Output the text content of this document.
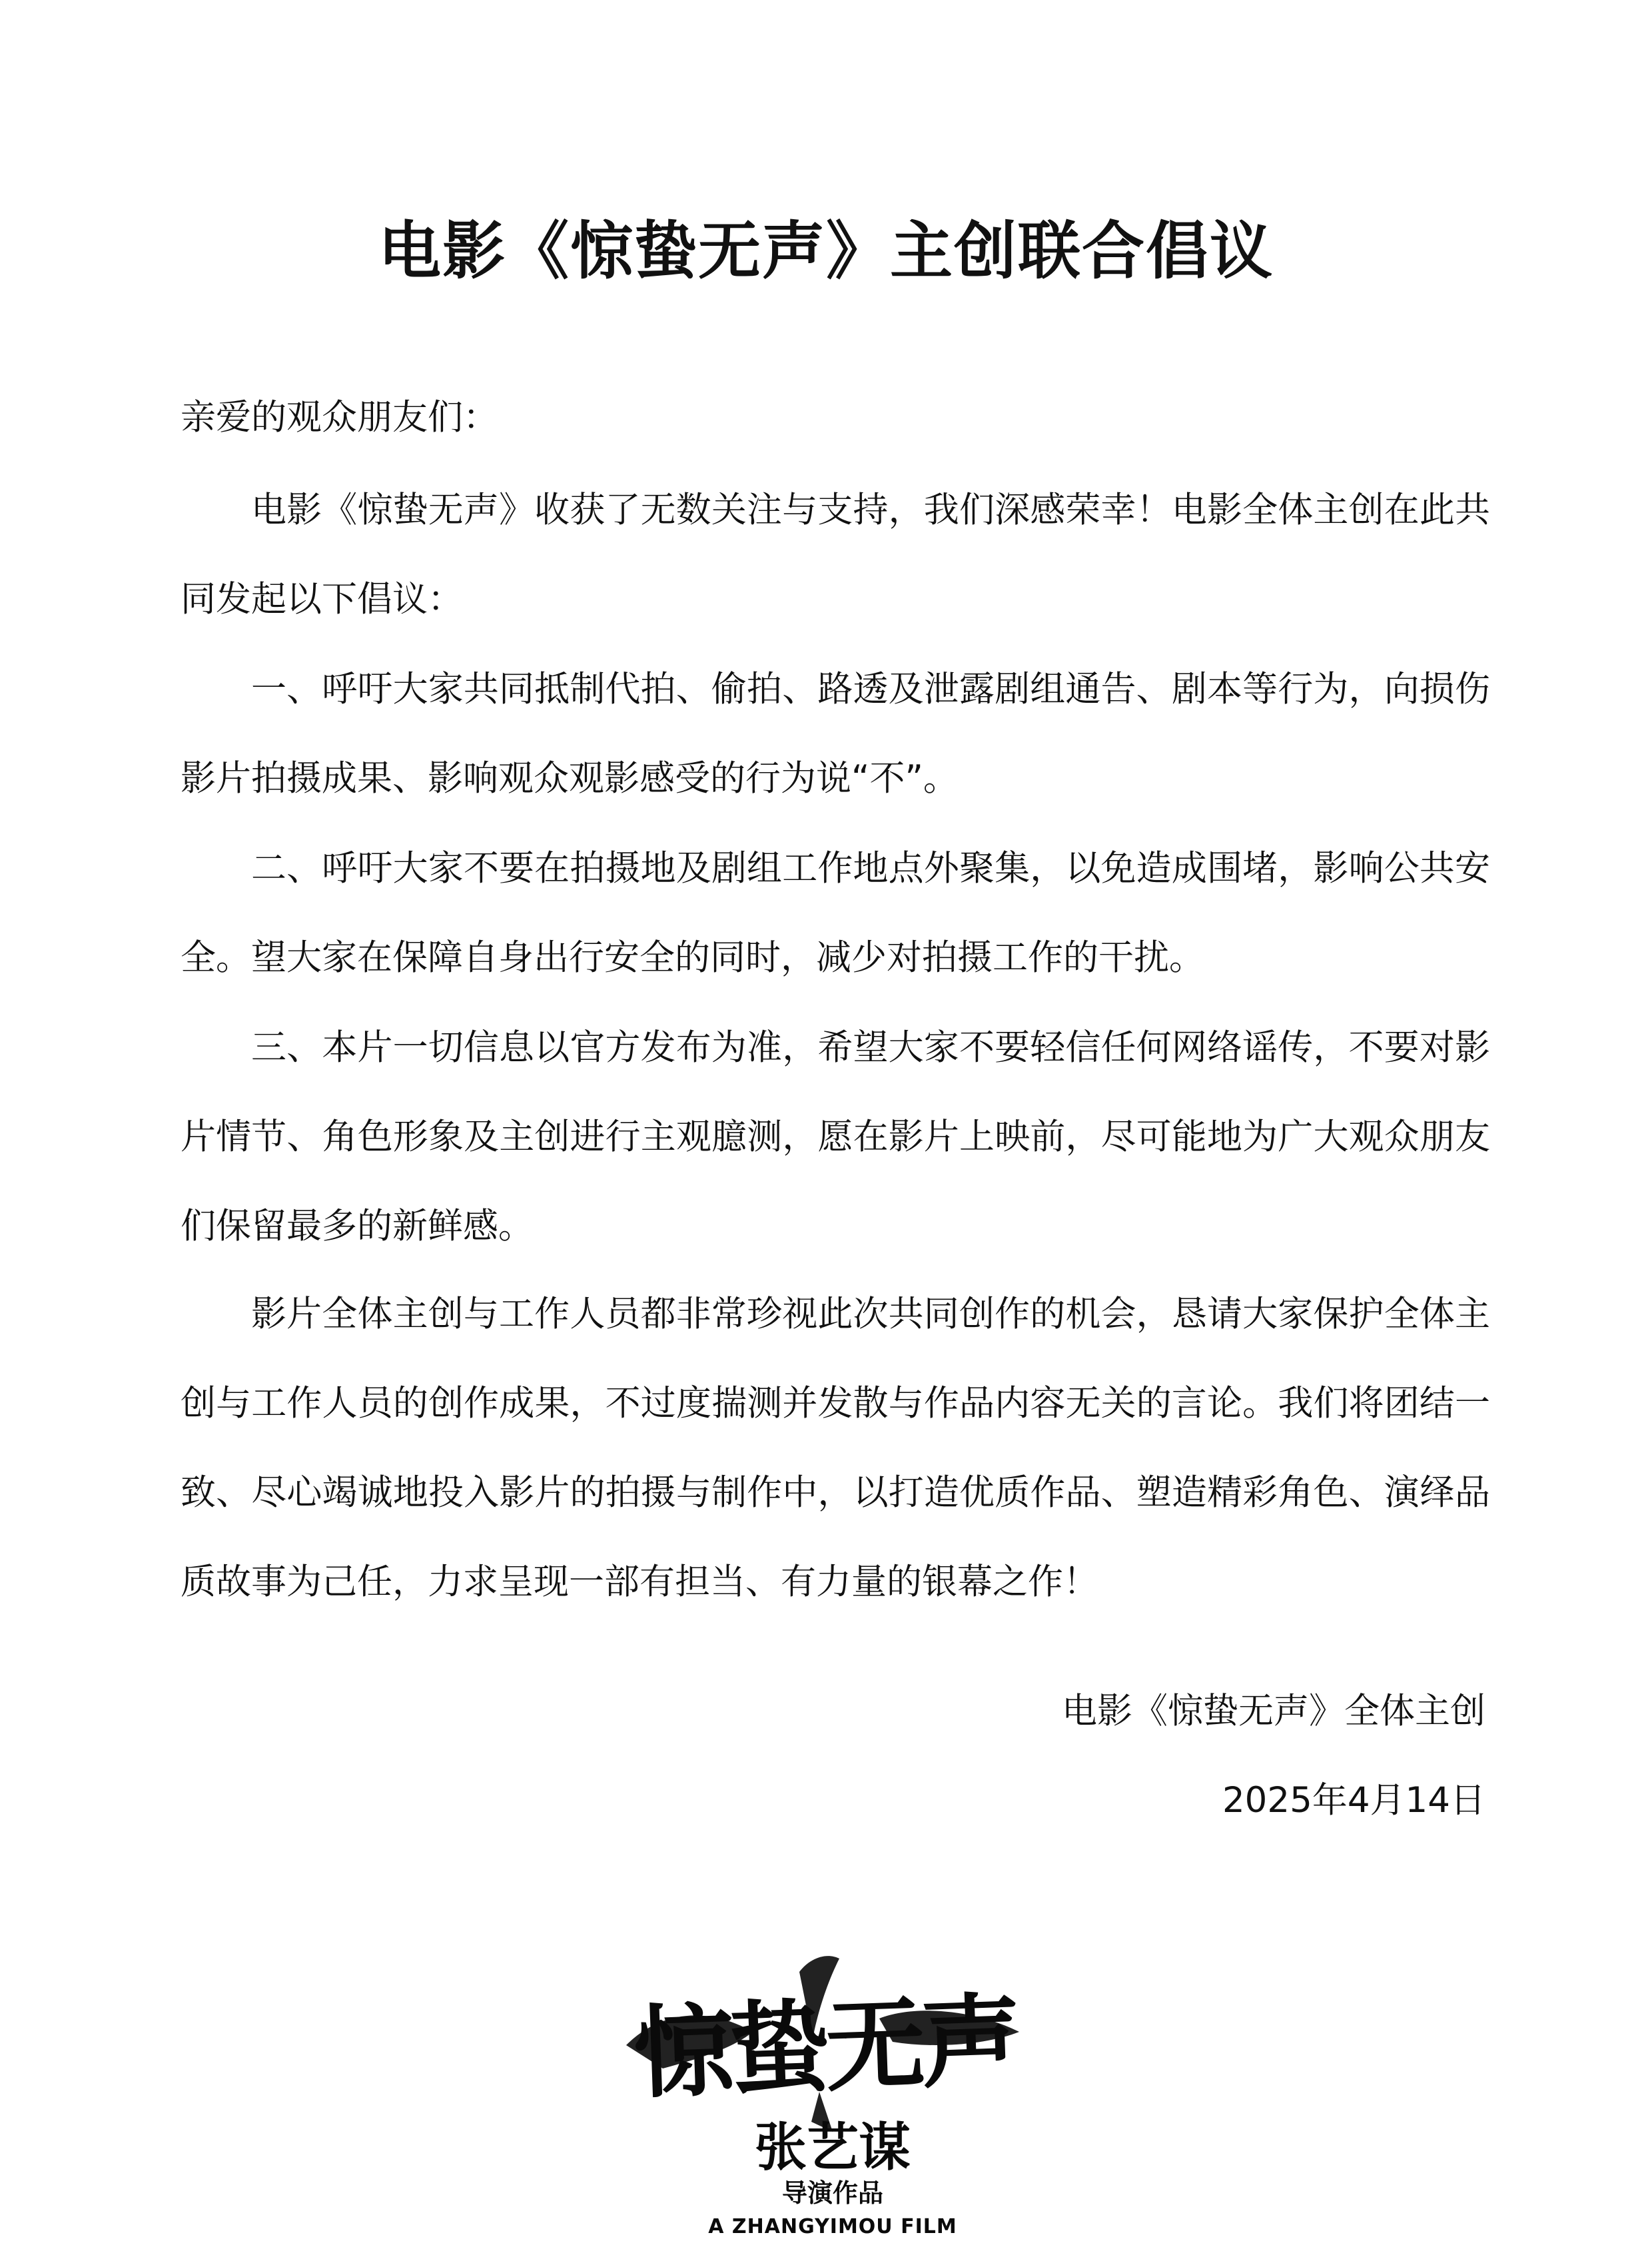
电影《惊蛰无声》主创联合倡议

亲爱的观众朋友们：

电影《惊蛰无声》收获了无数关注与支持，我们深感荣幸！电影全体主创在此共同发起以下倡议：

一、呼吁大家共同抵制代拍、偷拍、路透及泄露剧组通告、剧本等行为，向损伤影片拍摄成果、影响观众观影感受的行为说“不”。

二、呼吁大家不要在拍摄地及剧组工作地点外聚集，以免造成围堵，影响公共安全。望大家在保障自身出行安全的同时，减少对拍摄工作的干扰。

三、本片一切信息以官方发布为准，希望大家不要轻信任何网络谣传，不要对影片情节、角色形象及主创进行主观臆测，愿在影片上映前，尽可能地为广大观众朋友们保留最多的新鲜感。

影片全体主创与工作人员都非常珍视此次共同创作的机会，恳请大家保护全体主创与工作人员的创作成果，不过度揣测并发散与作品内容无关的言论。我们将团结一致、尽心竭诚地投入影片的拍摄与制作中，以打造优质作品、塑造精彩角色、演绎品质故事为己任，力求呈现一部有担当、有力量的银幕之作！

电影《惊蛰无声》全体主创

2025年4月14日

惊蛰无声
张艺谋
导演作品
A ZHANGYIMOU FILM
